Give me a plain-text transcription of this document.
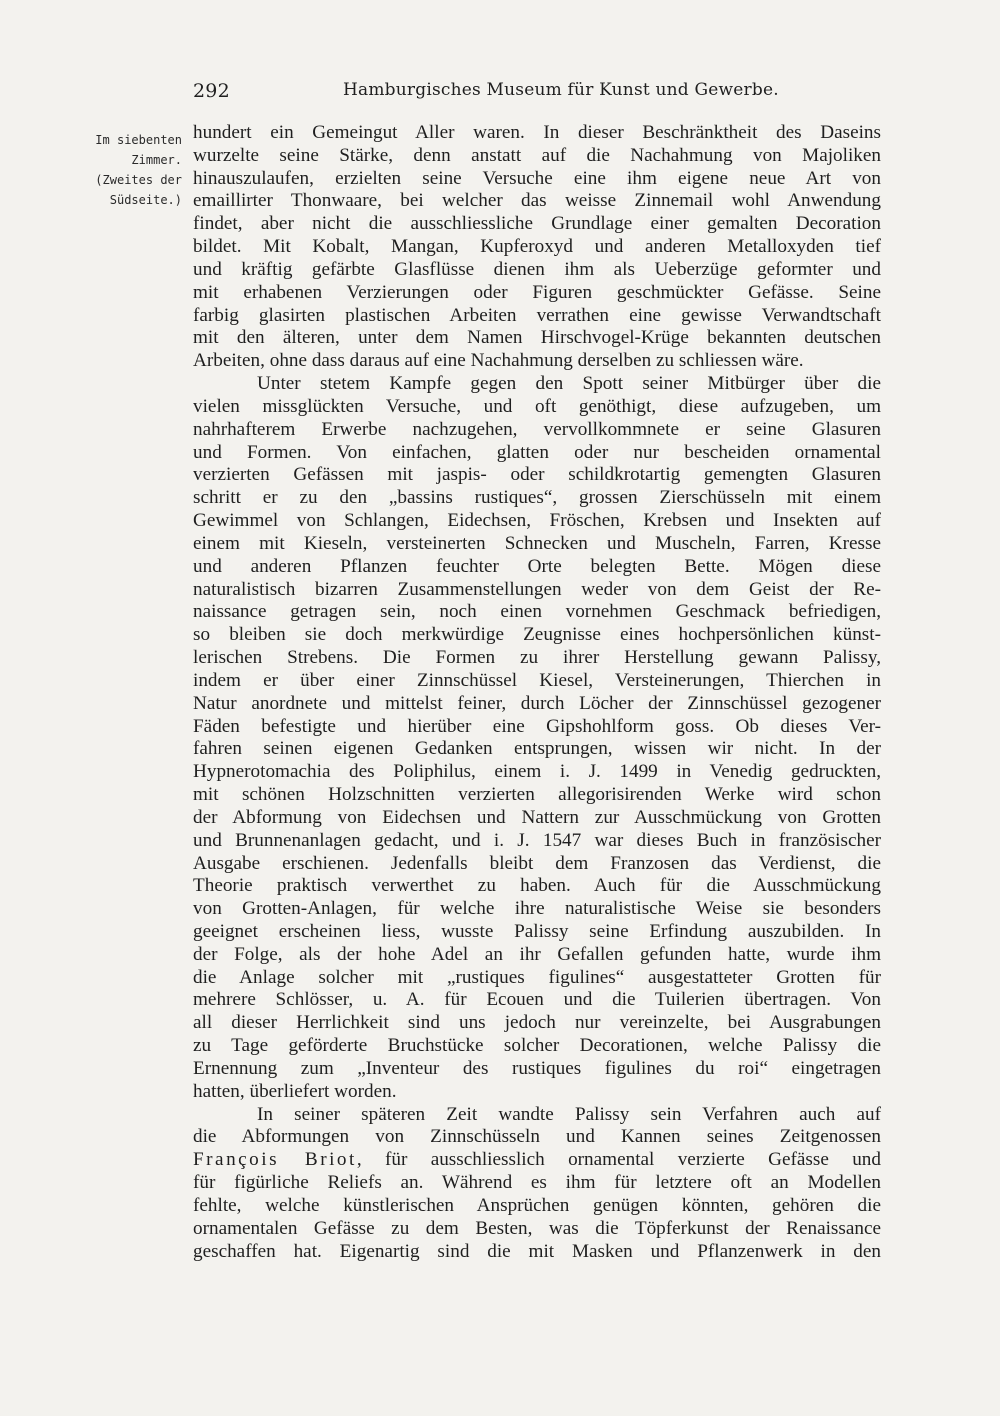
292	Hamburgisches Museum für Kunst und Gewerbe.
Im siebenten
Zimmer.
(Zweites der
Südseite.)
hundert ein Gemeingut Aller waren. In dieser Beschränktheit des Daseins
wurzelte seine Stärke, denn anstatt auf die Nachahmung von Majoliken
hinauszulaufen, erzielten seine Versuche eine ihm eigene neue Art von
emaillirter Thonwaare, bei welcher das weisse Zinnemail wohl Anwendung
findet, aber nicht die ausschliessliche Grundlage einer gemalten Decoration
bildet. Mit Kobalt, Mangan, Kupferoxyd und anderen Metalloxyden tief
und kräftig gefärbte Glasflüsse dienen ihm als Ueberzüge geformter und
mit erhabenen Verzierungen oder Figuren geschmückter Gefässe. Seine
farbig glasirten plastischen Arbeiten verrathen eine gewisse Verwandtschaft
mit den älteren, unter dem Namen Hirschvogel-Krüge bekannten deutschen
Arbeiten, ohne dass daraus auf eine Nachahmung derselben zu schliessen wäre.
Unter stetem Kampfe gegen den Spott seiner Mitbürger über die
vielen missglückten Versuche, und oft genöthigt, diese aufzugeben, um
nahrhafterem Erwerbe nachzugehen, vervollkommnete er seine Glasuren
und Formen. Von einfachen, glatten oder nur bescheiden ornamental
verzierten Gefässen mit jaspis- oder schildkrotartig gemengten Glasuren
schritt er zu den „bassins rustiques“, grossen Zierschüsseln mit einem
Gewimmel von Schlangen, Eidechsen, Fröschen, Krebsen und Insekten auf
einem mit Kieseln, versteinerten Schnecken und Muscheln, Farren, Kresse
und anderen Pflanzen feuchter Orte belegten Bette. Mögen diese
naturalistisch bizarren Zusammenstellungen weder von dem Geist der Re-
naissance getragen sein, noch einen vornehmen Geschmack befriedigen,
so bleiben sie doch merkwürdige Zeugnisse eines hochpersönlichen künst-
lerischen Strebens. Die Formen zu ihrer Herstellung gewann Palissy,
indem er über einer Zinnschüssel Kiesel, Versteinerungen, Thierchen in
Natur anordnete und mittelst feiner, durch Löcher der Zinnschüssel gezogener
Fäden befestigte und hierüber eine Gipshohlform goss. Ob dieses Ver-
fahren seinen eigenen Gedanken entsprungen, wissen wir nicht. In der
Hypnerotomachia des Poliphilus, einem i. J. 1499 in Venedig gedruckten,
mit schönen Holzschnitten verzierten allegorisirenden Werke wird schon
der Abformung von Eidechsen und Nattern zur Ausschmückung von Grotten
und Brunnenanlagen gedacht, und i. J. 1547 war dieses Buch in französischer
Ausgabe erschienen. Jedenfalls bleibt dem Franzosen das Verdienst, die
Theorie praktisch verwerthet zu haben. Auch für die Ausschmückung
von Grotten-Anlagen, für welche ihre naturalistische Weise sie besonders
geeignet erscheinen liess, wusste Palissy seine Erfindung auszubilden. In
der Folge, als der hohe Adel an ihr Gefallen gefunden hatte, wurde ihm
die Anlage solcher mit „rustiques figulines“ ausgestatteter Grotten für
mehrere Schlösser, u. A. für Ecouen und die Tuilerien übertragen. Von
all dieser Herrlichkeit sind uns jedoch nur vereinzelte, bei Ausgrabungen
zu Tage geförderte Bruchstücke solcher Decorationen, welche Palissy die
Ernennung zum „Inventeur des rustiques figulines du roi“ eingetragen
hatten, überliefert worden.
In seiner späteren Zeit wandte Palissy sein Verfahren auch auf
die Abformungen von Zinnschüsseln und Kannen seines Zeitgenossen
François Briot, für ausschliesslich ornamental verzierte Gefässe und
für figürliche Reliefs an. Während es ihm für letztere oft an Modellen
fehlte, welche künstlerischen Ansprüchen genügen könnten, gehören die
ornamentalen Gefässe zu dem Besten, was die Töpferkunst der Renaissance
geschaffen hat. Eigenartig sind die mit Masken und Pflanzenwerk in den
